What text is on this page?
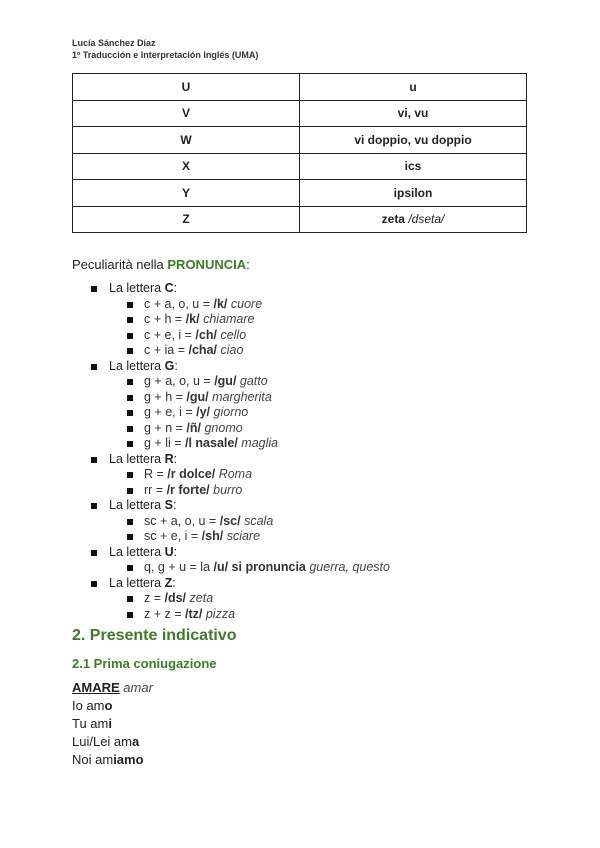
Lucía Sánchez Díaz
1º Traducción e Interpretación Inglés (UMA)
U	u
V	vi, vu
W	vi doppio, vu doppio
X	ics
Y	ipsilon
Z	zeta /dseta/
Peculiarità nella PRONUNCIA:
La lettera C:
c + a, o, u = /k/ cuore
c + h = /k/ chiamare
c + e, i = /ch/ cello
c + ia = /cha/ ciao
La lettera G:
g + a, o, u = /gu/ gatto
g + h = /gu/ margherita
g + e, i = /y/ giorno
g + n = /ñ/ gnomo
g + li = /l nasale/ maglia
La lettera R:
R = /r dolce/ Roma
rr = /r forte/ burro
La lettera S:
sc + a, o, u = /sc/ scala
sc + e, i = /sh/ sciare
La lettera U:
q, g + u = la /u/ si pronuncia guerra, questo
La lettera Z:
z = /ds/ zeta
z + z = /tz/ pizza
2. Presente indicativo
2.1 Prima coniugazione
AMARE amar
Io amo
Tu ami
Lui/Lei ama
Noi amiamo
